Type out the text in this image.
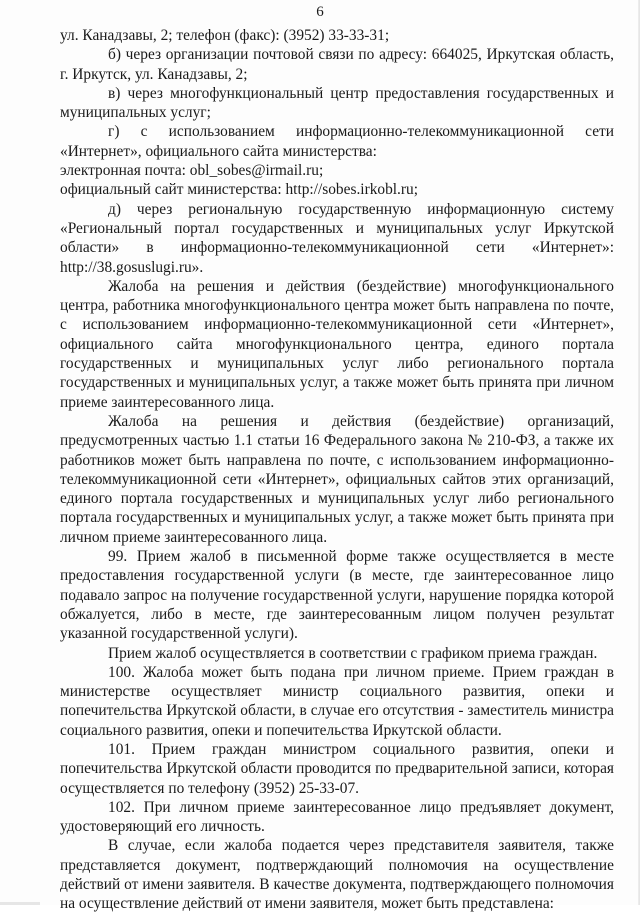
6

ул. Канадзавы, 2; телефон (факс): (3952) 33-33-31;

б) через организации почтовой связи по адресу: 664025, Иркутская область, г. Иркутск, ул. Канадзавы, 2;

в) через многофункциональный центр предоставления государственных и муниципальных услуг;

г) с использованием информационно-телекоммуникационной сети «Интернет», официального сайта министерства:

электронная почта: obl_sobes@irmail.ru;

официальный сайт министерства: http://sobes.irkobl.ru;

д) через региональную государственную информационную систему «Региональный портал государственных и муниципальных услуг Иркутской области» в информационно-телекоммуникационной сети «Интернет»: http://38.gosuslugi.ru».

Жалоба на решения и действия (бездействие) многофункционального центра, работника многофункционального центра может быть направлена по почте, с использованием информационно-телекоммуникационной сети «Интернет», официального сайта многофункционального центра, единого портала государственных и муниципальных услуг либо регионального портала государственных и муниципальных услуг, а также может быть принята при личном приеме заинтересованного лица.

Жалоба на решения и действия (бездействие) организаций, предусмотренных частью 1.1 статьи 16 Федерального закона № 210-ФЗ, а также их работников может быть направлена по почте, с использованием информационно-телекоммуникационной сети «Интернет», официальных сайтов этих организаций, единого портала государственных и муниципальных услуг либо регионального портала государственных и муниципальных услуг, а также может быть принята при личном приеме заинтересованного лица.

99. Прием жалоб в письменной форме также осуществляется в месте предоставления государственной услуги (в месте, где заинтересованное лицо подавало запрос на получение государственной услуги, нарушение порядка которой обжалуется, либо в месте, где заинтересованным лицом получен результат указанной государственной услуги).

Прием жалоб осуществляется в соответствии с графиком приема граждан.

100. Жалоба может быть подана при личном приеме. Прием граждан в министерстве осуществляет министр социального развития, опеки и попечительства Иркутской области, в случае его отсутствия - заместитель министра социального развития, опеки и попечительства Иркутской области.

101. Прием граждан министром социального развития, опеки и попечительства Иркутской области проводится по предварительной записи, которая осуществляется по телефону (3952) 25-33-07.

102. При личном приеме заинтересованное лицо предъявляет документ, удостоверяющий его личность.

В случае, если жалоба подается через представителя заявителя, также представляется документ, подтверждающий полномочия на осуществление действий от имени заявителя. В качестве документа, подтверждающего полномочия на осуществление действий от имени заявителя, может быть представлена:
